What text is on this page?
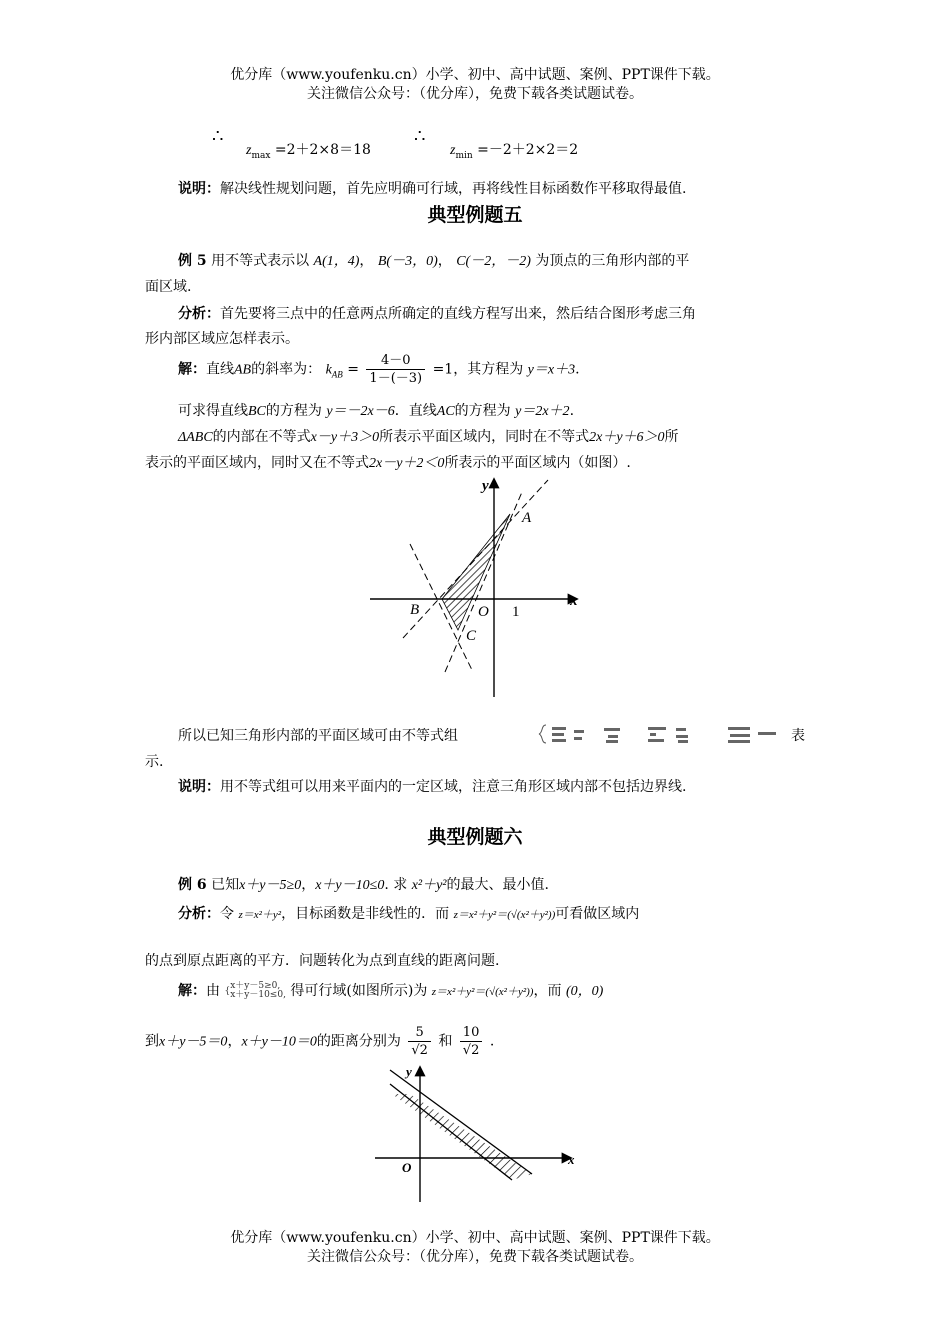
优分库（www.youfenku.cn）小学、初中、高中试题、案例、PPT课件下载。
关注微信公众号：（优分库），免费下载各类试题试卷。
∴
$z_{max} =2+2\times 8=18$
∴
$z_{min} =-2+2\times 2=2$
说明：解决线性规划问题，首先应明确可行域，再将线性目标函数作平移取得最值.
典型例题五
例 5 用不等式表示以 A(1，4)， B(－3，0)， C(－2，－2) 为顶点的三角形内部的平
面区域.
分析：首先要将三点中的任意两点所确定的直线方程写出来，然后结合图形考虑三角
形内部区域应怎样表示。
解：直线AB的斜率为： $k_{AB} = \frac{4-0}{1-(-3)} =1$，其方程为 y＝x＋3.
可求得直线BC的方程为 y＝－2x－6．直线AC的方程为 y＝2x＋2.
ΔABC的内部在不等式x－y＋3＞0所表示平面区域内，同时在不等式2x＋y＋6＞0所
表示的平面区域内，同时又在不等式2x－y＋2＜0所表示的平面区域内（如图）.
y
x
A
B	O 1
C
所以已知三角形内部的平面区域可由不等式组	表
示.
说明：用不等式组可以用来平面内的一定区域，注意三角形区域内部不包括边界线.
典型例题六
例 6 已知x＋y－5≥0，x＋y－10≤0. 求 x²＋y²的最大、最小值.
分析：令 z＝x²＋y²，目标函数是非线性的．而 z＝x²＋y²＝(√(x²＋y²))可看做区域内
的点到原点距离的平方．问题转化为点到直线的距离问题.
解：由 {
x＋y－5≥0,
x＋y－10≤0, 得可行域(如图所示)为 z＝x²＋y²＝(√(x²＋y²))，而 (0，0)
到x＋y－5＝0，x＋y－10＝0的距离分别为 $\frac{5}{√2}$ 和 $\frac{10}{√2}$ .
y
x
O
优分库（www.youfenku.cn）小学、初中、高中试题、案例、PPT课件下载。
关注微信公众号：（优分库），免费下载各类试题试卷。
